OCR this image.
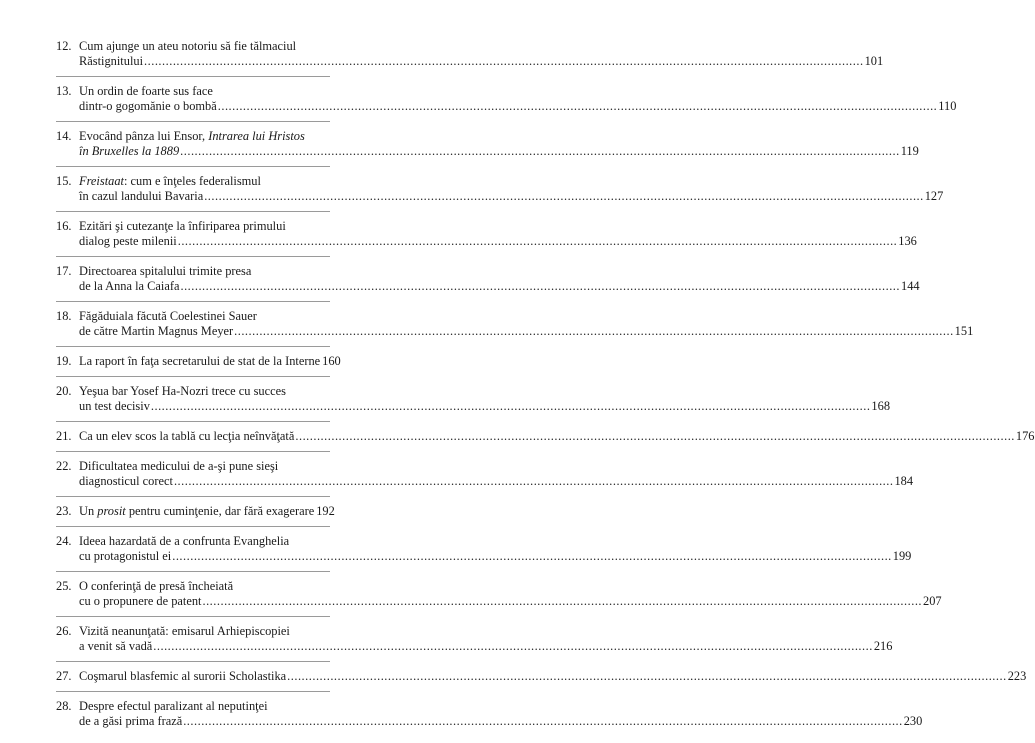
12. Cum ajunge un ateu notoriu să fie tălmaciul
Răstignitului ........................................................................................................................................................................................................ 101
13. Un ordin de foarte sus face
dintr-o gogomănie o bombă ........................................................................................................................................................................................................ 110
14. Evocând pânza lui Ensor, Intrarea lui Hristos
în Bruxelles la 1889 ........................................................................................................................................................................................................ 119
15. Freistaat: cum e înţeles federalismul
în cazul landului Bavaria ........................................................................................................................................................................................................ 127
16. Ezitări şi cutezanţe la înfiriparea primului
dialog peste milenii ........................................................................................................................................................................................................ 136
17. Directoarea spitalului trimite presa
de la Anna la Caiafa ........................................................................................................................................................................................................ 144
18. Făgăduiala făcută Coelestinei Sauer
de către Martin Magnus Meyer ........................................................................................................................................................................................................ 151
19. La raport în faţa secretarului de stat de la Interne 160
20. Yeşua bar Yosef Ha-Nozri trece cu succes
un test decisiv ........................................................................................................................................................................................................ 168
21. Ca un elev scos la tablă cu lecţia neînvăţată ........................................................................................................................................................................................................ 176
22. Dificultatea medicului de a-şi pune sieşi
diagnosticul corect ........................................................................................................................................................................................................ 184
23. Un prosit pentru cuminţenie, dar fără exagerare 192
24. Ideea hazardată de a confrunta Evanghelia
cu protagonistul ei ........................................................................................................................................................................................................ 199
25. O conferinţă de presă încheiată
cu o propunere de patent ........................................................................................................................................................................................................ 207
26. Vizită neanunţată: emisarul Arhiepiscopiei
a venit să vadă ........................................................................................................................................................................................................ 216
27. Coşmarul blasfemic al surorii Scholastika ........................................................................................................................................................................................................ 223
28. Despre efectul paralizant al neputinţei
de a găsi prima frază ........................................................................................................................................................................................................ 230
